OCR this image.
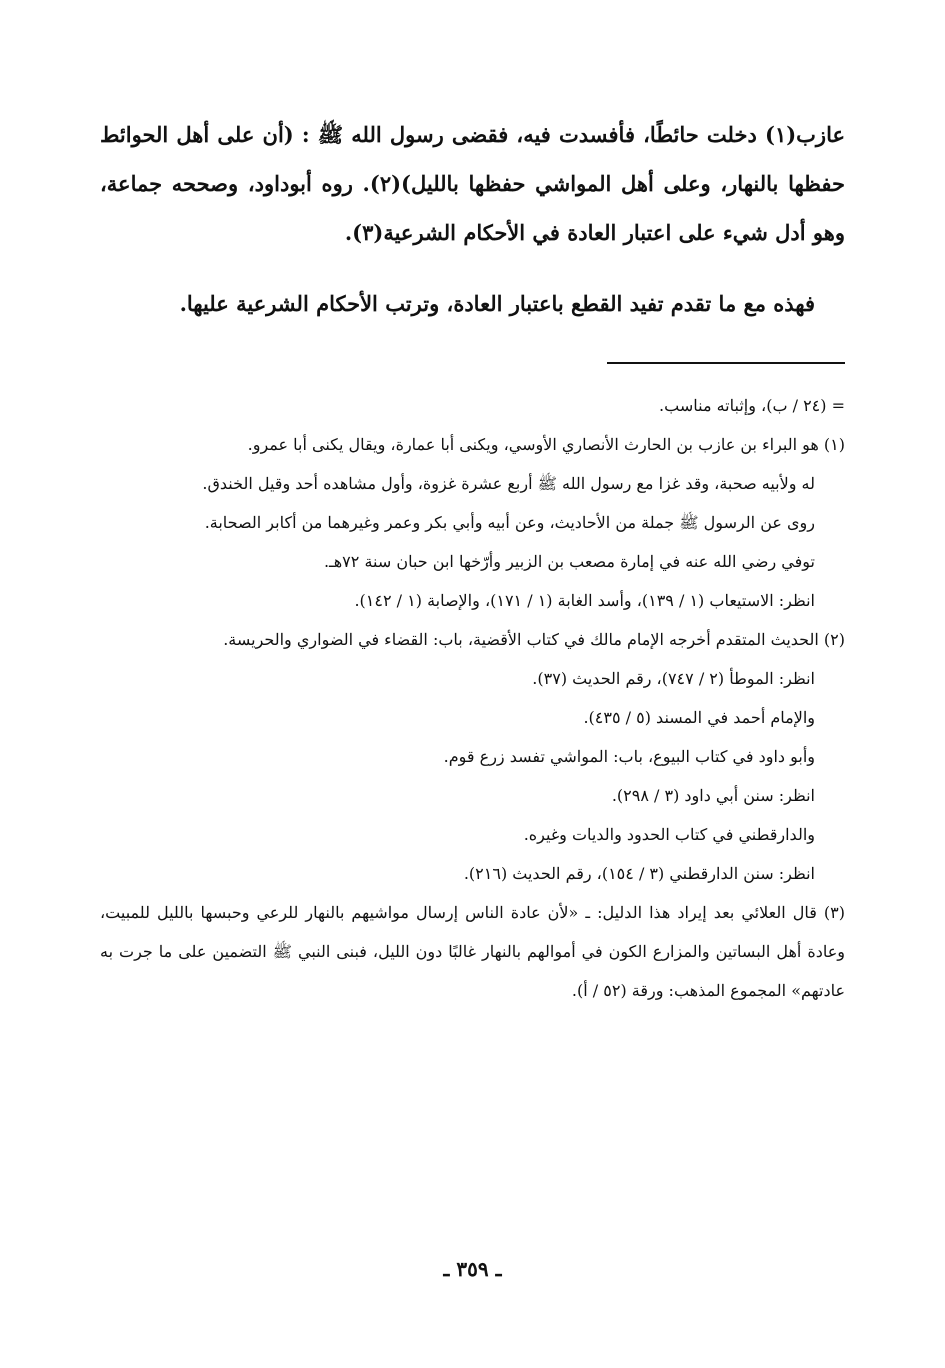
عازب(١) دخلت حائطًا، فأفسدت فيه، فقضى رسول الله ﷺ : (أن على أهل الحوائط حفظها بالنهار، وعلى أهل المواشي حفظها بالليل)(٢). روه أبوداود، وصححه جماعة، وهو أدل شيء على اعتبار العادة في الأحكام الشرعية(٣).

فهذه مع ما تقدم تفيد القطع باعتبار العادة، وترتب الأحكام الشرعية عليها.

= (٢٤ / ب)، وإثباته مناسب.

(١) هو البراء بن عازب بن الحارث الأنصاري الأوسي، ويكنى أبا عمارة، ويقال يكنى أبا عمرو.

له ولأبيه صحبة، وقد غزا مع رسول الله ﷺ أربع عشرة غزوة، وأول مشاهده أحد وقيل الخندق.

روى عن الرسول ﷺ جملة من الأحاديث، وعن أبيه وأبي بكر وعمر وغيرهما من أكابر الصحابة.

توفي رضي الله عنه في إمارة مصعب بن الزبير وأرّخها ابن حبان سنة ٧٢هـ.

انظر: الاستيعاب (١ / ١٣٩)، وأسد الغابة (١ / ١٧١)، والإصابة (١ / ١٤٢).

(٢) الحديث المتقدم أخرجه الإمام مالك في كتاب الأقضية، باب: القضاء في الضواري والحريسة.

انظر: الموطأ (٢ / ٧٤٧)، رقم الحديث (٣٧).

والإمام أحمد في المسند (٥ / ٤٣٥).

وأبو داود في كتاب البيوع، باب: المواشي تفسد زرع قوم.

انظر: سنن أبي داود (٣ / ٢٩٨).

والدارقطني في كتاب الحدود والديات وغيره.

انظر: سنن الدارقطني (٣ / ١٥٤)، رقم الحديث (٢١٦).

(٣) قال العلائي بعد إيراد هذا الدليل: ـ «لأن عادة الناس إرسال مواشيهم بالنهار للرعي وحبسها بالليل للمبيت، وعادة أهل البساتين والمزارع الكون في أموالهم بالنهار غالبًا دون الليل، فبنى النبي ﷺ التضمين على ما جرت به عادتهم» المجموع المذهب: ورقة (٥٢ / أ).

ـ ٣٥٩ ـ
